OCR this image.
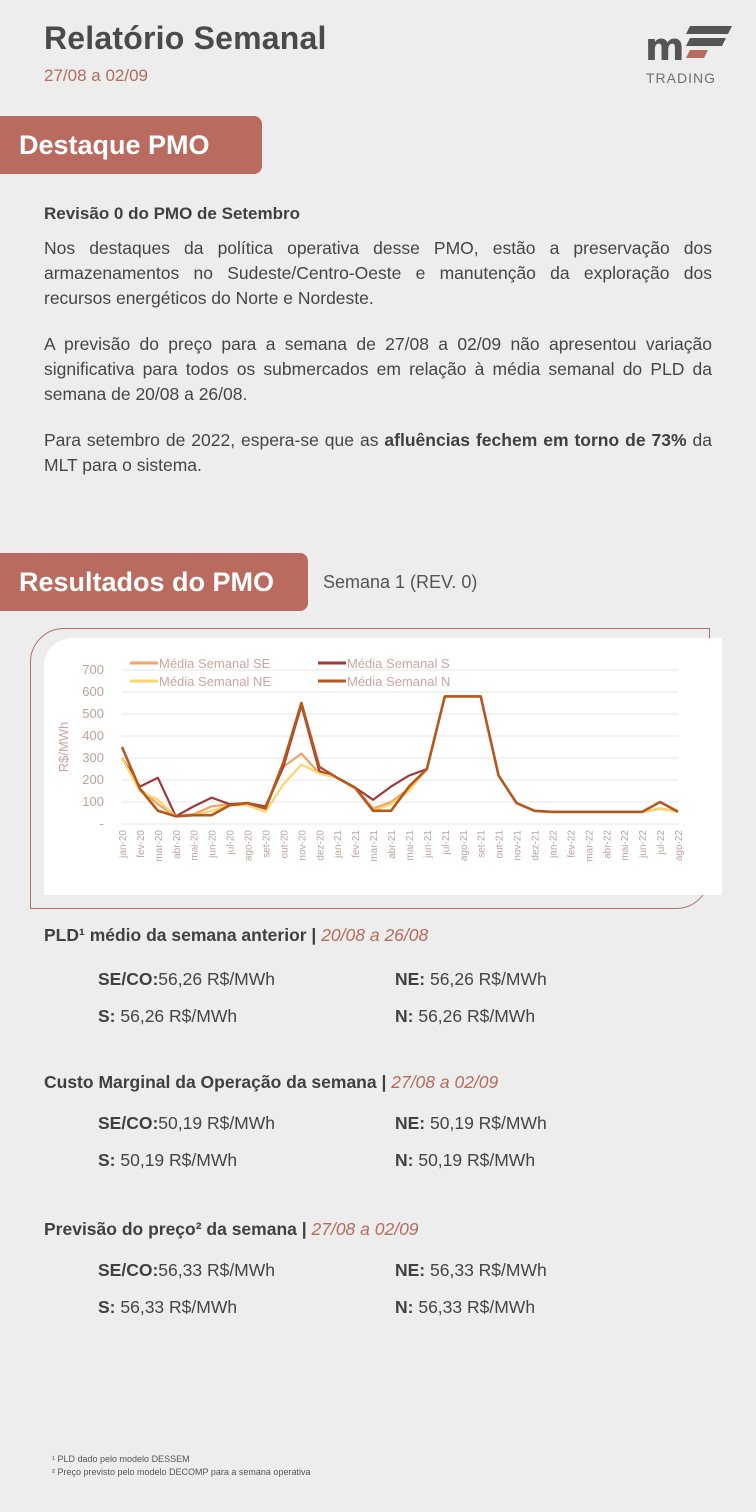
Relatório Semanal
27/08 a 02/09
m
TRADING
Destaque PMO
Revisão 0 do PMO de Setembro
Nos destaques da política operativa desse PMO, estão a preservação dos armazenamentos no Sudeste/Centro-Oeste e manutenção da exploração dos recursos energéticos do Norte e Nordeste.
A previsão do preço para a semana de 27/08 a 02/09 não apresentou variação significativa para todos os submercados em relação à média semanal do PLD da semana de 20/08 a 26/08.
Para setembro de 2022, espera-se que as afluências fechem em torno de 73% da MLT para o sistema.
Resultados do PMO	Semana 1 (REV. 0)
-
100
200
300
400
500
600
700
R$/MWh
jan-20 fev-20 mar-20 abr-20 mai-20 jun-20 jul-20 ago-20 set-20 out-20 nov-20 dez-20 jan-21 fev-21 mar-21 abr-21 mai-21 jun-21 jul-21 ago-21 set-21 out-21 nov-21 dez-21 jan-22 fev-22 mar-22 abr-22 mai-22 jun-22 jul-22 ago-22
Média Semanal SE	Média Semanal S
Média Semanal NE	Média Semanal N
PLD¹ médio da semana anterior | 20/08 a 26/08
SE/CO:56,26 R$/MWh	NE: 56,26 R$/MWh
S: 56,26 R$/MWh	N: 56,26 R$/MWh
Custo Marginal da Operação da semana | 27/08 a 02/09
SE/CO:50,19 R$/MWh	NE: 50,19 R$/MWh
S: 50,19 R$/MWh	N: 50,19 R$/MWh
Previsão do preço² da semana | 27/08 a 02/09
SE/CO:56,33 R$/MWh	NE: 56,33 R$/MWh
S: 56,33 R$/MWh	N: 56,33 R$/MWh
¹ PLD dado pelo modelo DESSEM
² Preço previsto pelo modelo DECOMP para a semana operativa
